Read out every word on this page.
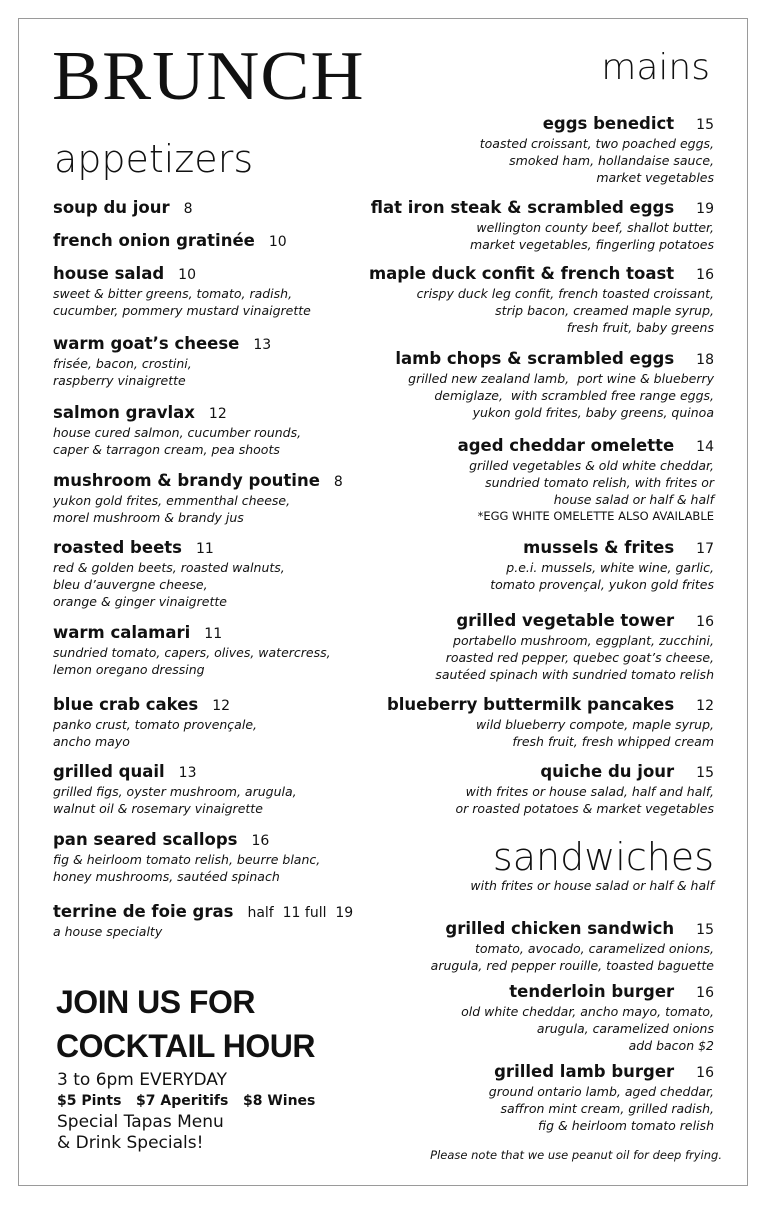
BRUNCH
appetizers
mains
soup du jour 8
french onion gratinée 10
house salad 10
sweet & bitter greens, tomato, radish,
cucumber, pommery mustard vinaigrette
warm goat’s cheese 13
frisée, bacon, crostini,
raspberry vinaigrette
salmon gravlax 12
house cured salmon, cucumber rounds,
caper & tarragon cream, pea shoots
mushroom & brandy poutine 8
yukon gold frites, emmenthal cheese,
morel mushroom & brandy jus
roasted beets 11
red & golden beets, roasted walnuts,
bleu d’auvergne cheese,
orange & ginger vinaigrette
warm calamari 11
sundried tomato, capers, olives, watercress,
lemon oregano dressing
blue crab cakes 12
panko crust, tomato provençale,
ancho mayo
grilled quail 13
grilled figs, oyster mushroom, arugula,
walnut oil & rosemary vinaigrette
pan seared scallops 16
fig & heirloom tomato relish, beurre blanc,
honey mushrooms, sautéed spinach
terrine de foie gras half  11 full  19
a house specialty
JOIN US FOR
COCKTAIL HOUR
3 to 6pm EVERYDAY
$5 Pints   $7 Aperitifs   $8 Wines
Special Tapas Menu
& Drink Specials!
eggs benedict 15
toasted croissant, two poached eggs,
smoked ham, hollandaise sauce,
market vegetables
flat iron steak & scrambled eggs 19
wellington county beef, shallot butter,
market vegetables, fingerling potatoes
maple duck confit & french toast 16
crispy duck leg confit, french toasted croissant,
strip bacon, creamed maple syrup,
fresh fruit, baby greens
lamb chops & scrambled eggs 18
grilled new zealand lamb,  port wine & blueberry
demiglaze,  with scrambled free range eggs,
yukon gold frites, baby greens, quinoa
aged cheddar omelette 14
grilled vegetables & old white cheddar,
sundried tomato relish, with frites or
house salad or half & half
*EGG WHITE OMELETTE ALSO AVAILABLE
mussels & frites 17
p.e.i. mussels, white wine, garlic,
tomato provençal, yukon gold frites
grilled vegetable tower 16
portabello mushroom, eggplant, zucchini,
roasted red pepper, quebec goat’s cheese,
sautéed spinach with sundried tomato relish
blueberry buttermilk pancakes 12
wild blueberry compote, maple syrup,
fresh fruit, fresh whipped cream
quiche du jour 15
with frites or house salad, half and half,
or roasted potatoes & market vegetables
sandwiches
with frites or house salad or half & half
grilled chicken sandwich 15
tomato, avocado, caramelized onions,
arugula, red pepper rouille, toasted baguette
tenderloin burger 16
old white cheddar, ancho mayo, tomato,
arugula, caramelized onions
add bacon $2
grilled lamb burger 16
ground ontario lamb, aged cheddar,
saffron mint cream, grilled radish,
fig & heirloom tomato relish
Please note that we use peanut oil for deep frying.
